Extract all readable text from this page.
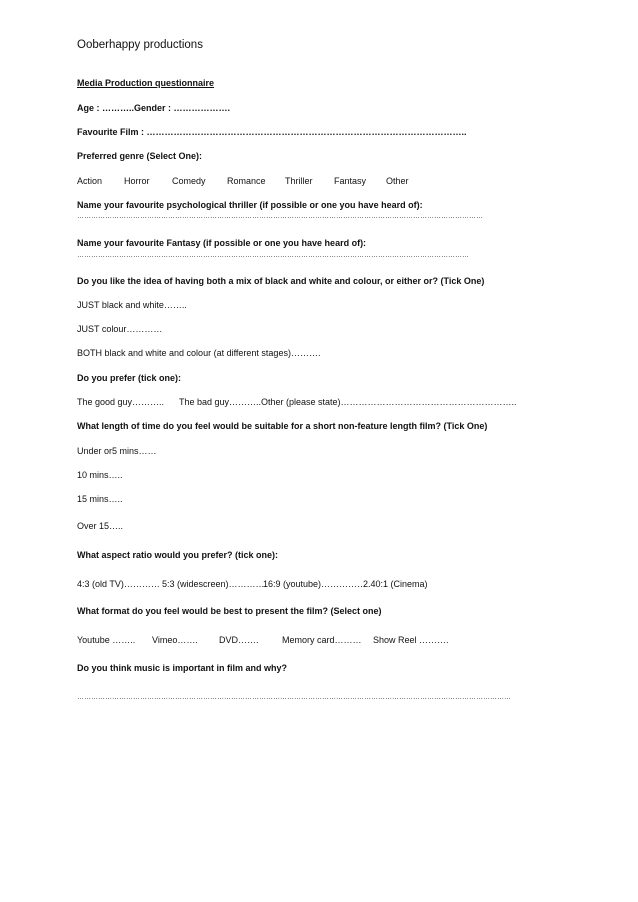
Ooberhappy productions
Media Production questionnaire
Age : ………..Gender : ……………….
Favourite Film : ……………………………………………………………………………………………..
Preferred genre (Select One):
Action Horror Comedy Romance Thriller Fantasy Other
Name your favourite psychological thriller (if possible or one you have heard of):
…………………………………………………………………………………………………………………………………………………………
Name your favourite Fantasy (if possible or one you have heard of):
……………………………………………………………………………………………………………………………………………………
Do you like the idea of having both a mix of black and white and colour, or either or? (Tick One)
JUST black and white……..
JUST colour…………
BOTH black and white and colour (at different stages)……….
Do you prefer (tick one):
The good guy……….. The bad guy……….. Other (please state)…………………………………………………..
What length of time do you feel would be suitable for a short non-feature length film? (Tick One)
Under or5 mins……
10 mins…..
15 mins…..
Over 15…..
What aspect ratio would you prefer? (tick one):
4:3 (old TV)………… 5:3 (widescreen)…………
16:9 (youtube)……………
2.40:1 (Cinema)
What format do you feel would be best to present the film? (Select one)
Youtube …….. Vimeo……. DVD…….	Memory card……… Show Reel ……….
Do you think music is important in film and why?
……………………………………………………………………………………………………………………………………………………………………
